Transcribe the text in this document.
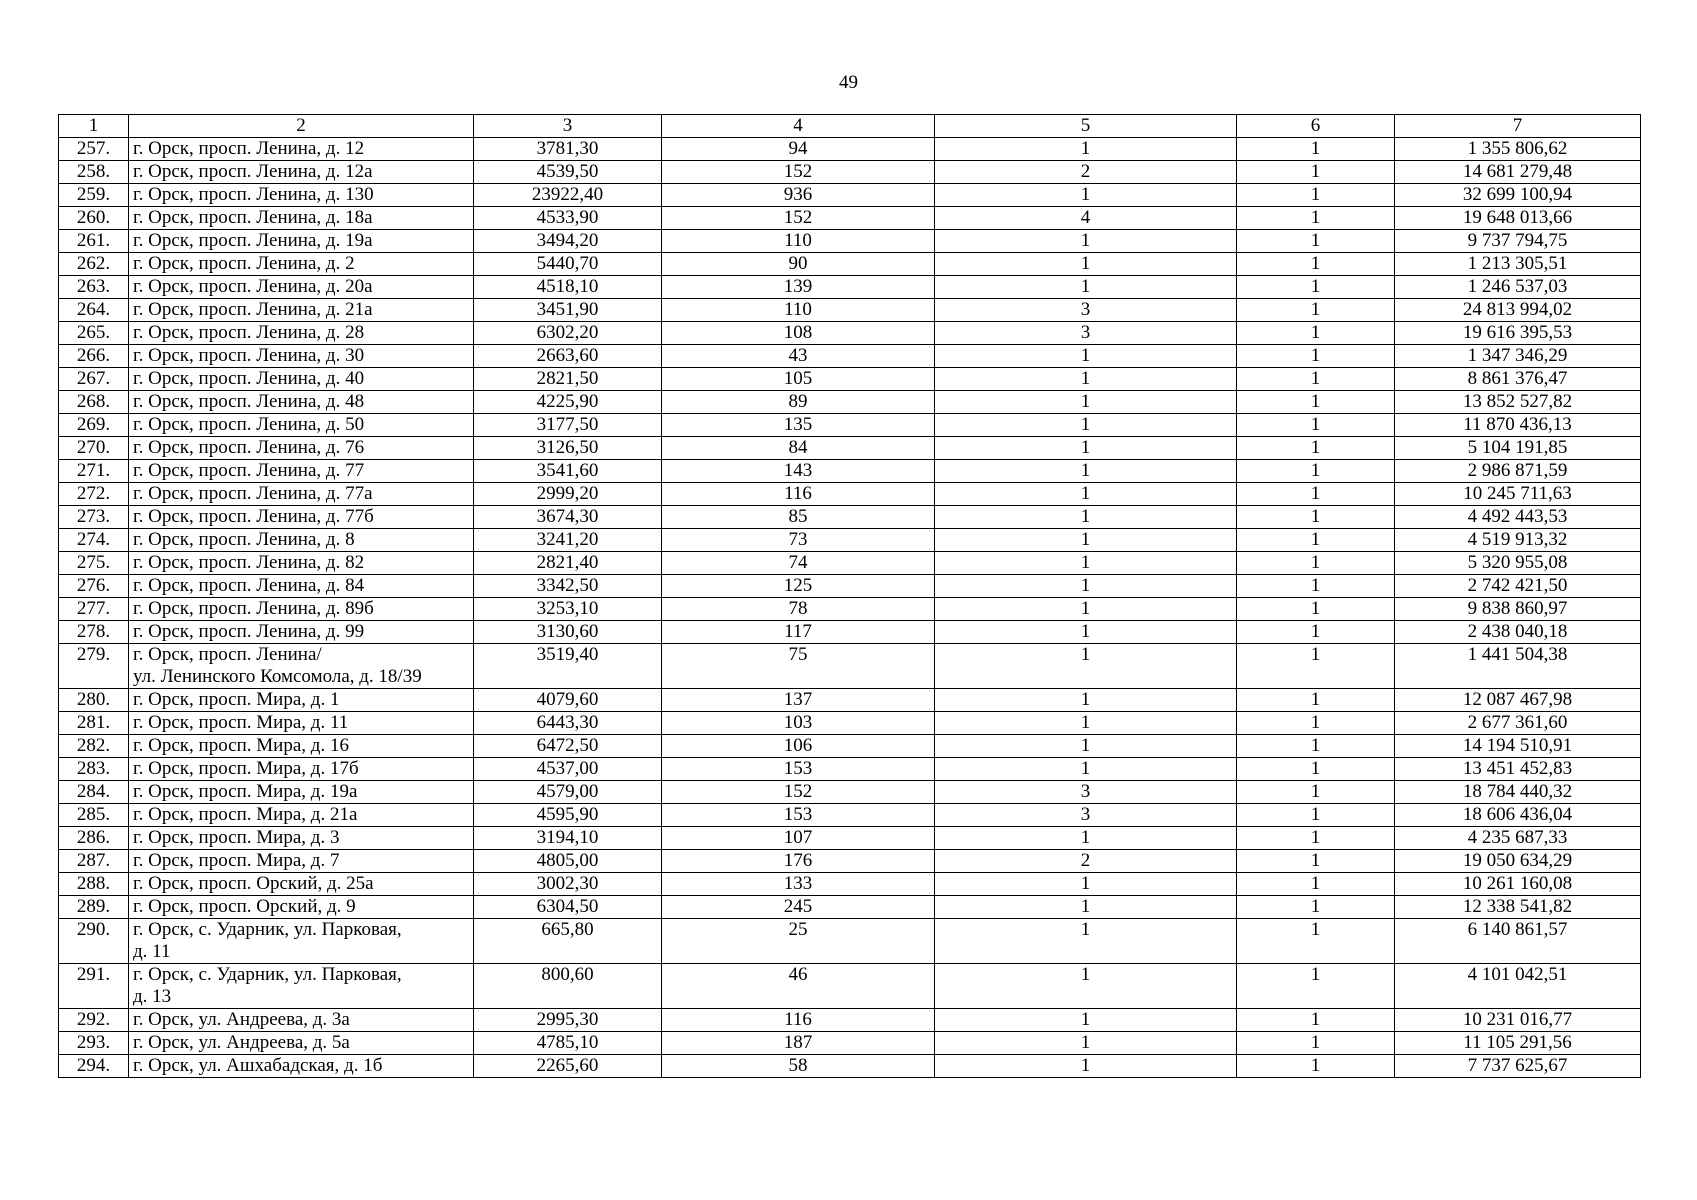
49
1	2	3	4	5	6	7
257.	г. Орск, просп. Ленина, д. 12	3781,30	94	1	1	1 355 806,62
258.	г. Орск, просп. Ленина, д. 12а	4539,50	152	2	1	14 681 279,48
259.	г. Орск, просп. Ленина, д. 130	23922,40	936	1	1	32 699 100,94
260.	г. Орск, просп. Ленина, д. 18а	4533,90	152	4	1	19 648 013,66
261.	г. Орск, просп. Ленина, д. 19а	3494,20	110	1	1	9 737 794,75
262.	г. Орск, просп. Ленина, д. 2	5440,70	90	1	1	1 213 305,51
263.	г. Орск, просп. Ленина, д. 20а	4518,10	139	1	1	1 246 537,03
264.	г. Орск, просп. Ленина, д. 21а	3451,90	110	3	1	24 813 994,02
265.	г. Орск, просп. Ленина, д. 28	6302,20	108	3	1	19 616 395,53
266.	г. Орск, просп. Ленина, д. 30	2663,60	43	1	1	1 347 346,29
267.	г. Орск, просп. Ленина, д. 40	2821,50	105	1	1	8 861 376,47
268.	г. Орск, просп. Ленина, д. 48	4225,90	89	1	1	13 852 527,82
269.	г. Орск, просп. Ленина, д. 50	3177,50	135	1	1	11 870 436,13
270.	г. Орск, просп. Ленина, д. 76	3126,50	84	1	1	5 104 191,85
271.	г. Орск, просп. Ленина, д. 77	3541,60	143	1	1	2 986 871,59
272.	г. Орск, просп. Ленина, д. 77а	2999,20	116	1	1	10 245 711,63
273.	г. Орск, просп. Ленина, д. 77б	3674,30	85	1	1	4 492 443,53
274.	г. Орск, просп. Ленина, д. 8	3241,20	73	1	1	4 519 913,32
275.	г. Орск, просп. Ленина, д. 82	2821,40	74	1	1	5 320 955,08
276.	г. Орск, просп. Ленина, д. 84	3342,50	125	1	1	2 742 421,50
277.	г. Орск, просп. Ленина, д. 89б	3253,10	78	1	1	9 838 860,97
278.	г. Орск, просп. Ленина, д. 99	3130,60	117	1	1	2 438 040,18
279.	г. Орск, просп. Ленина/
ул. Ленинского Комсомола, д. 18/39	3519,40	75	1	1	1 441 504,38
280.	г. Орск, просп. Мира, д. 1	4079,60	137	1	1	12 087 467,98
281.	г. Орск, просп. Мира, д. 11	6443,30	103	1	1	2 677 361,60
282.	г. Орск, просп. Мира, д. 16	6472,50	106	1	1	14 194 510,91
283.	г. Орск, просп. Мира, д. 17б	4537,00	153	1	1	13 451 452,83
284.	г. Орск, просп. Мира, д. 19а	4579,00	152	3	1	18 784 440,32
285.	г. Орск, просп. Мира, д. 21а	4595,90	153	3	1	18 606 436,04
286.	г. Орск, просп. Мира, д. 3	3194,10	107	1	1	4 235 687,33
287.	г. Орск, просп. Мира, д. 7	4805,00	176	2	1	19 050 634,29
288.	г. Орск, просп. Орский, д. 25а	3002,30	133	1	1	10 261 160,08
289.	г. Орск, просп. Орский, д. 9	6304,50	245	1	1	12 338 541,82
290.	г. Орск, с. Ударник, ул. Парковая,
д. 11	665,80	25	1	1	6 140 861,57
291.	г. Орск, с. Ударник, ул. Парковая,
д. 13	800,60	46	1	1	4 101 042,51
292.	г. Орск, ул. Андреева, д. 3а	2995,30	116	1	1	10 231 016,77
293.	г. Орск, ул. Андреева, д. 5а	4785,10	187	1	1	11 105 291,56
294.	г. Орск, ул. Ашхабадская, д. 1б	2265,60	58	1	1	7 737 625,67
